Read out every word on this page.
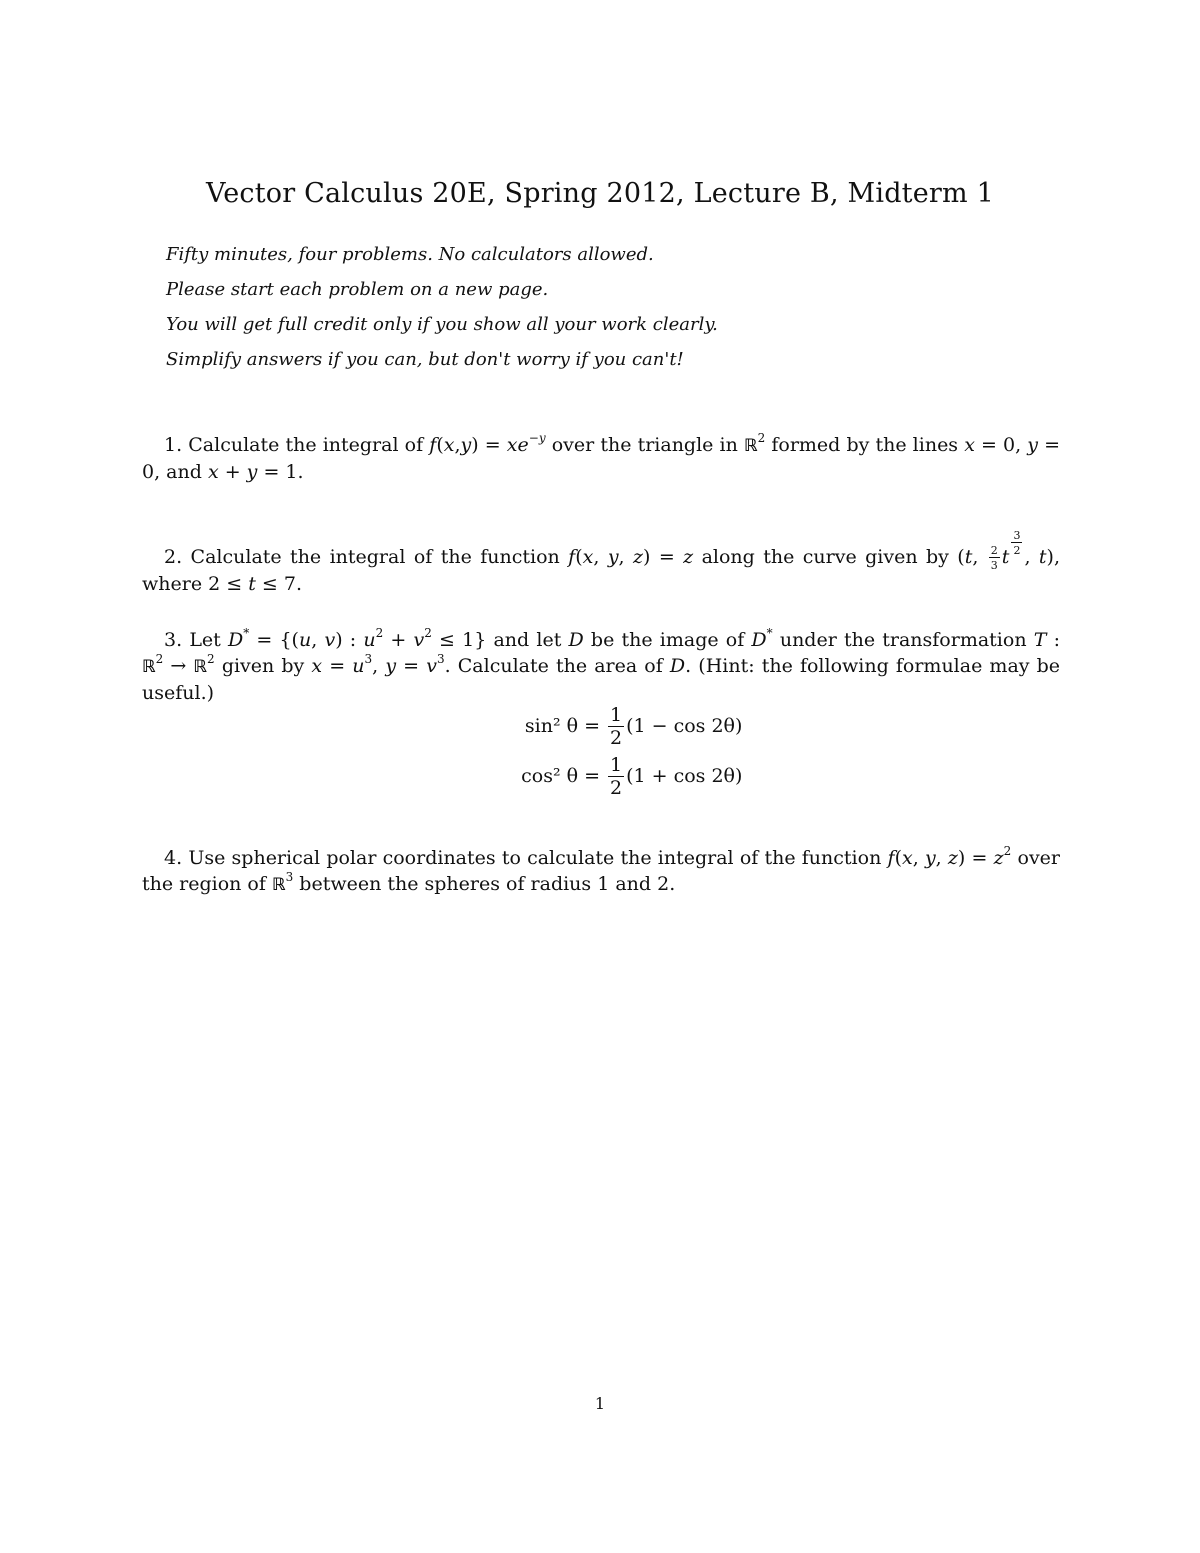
Vector Calculus 20E, Spring 2012, Lecture B, Midterm 1
Fifty minutes, four problems. No calculators allowed.
Please start each problem on a new page.
You will get full credit only if you show all your work clearly.
Simplify answers if you can, but don't worry if you can't!
1. Calculate the integral of $f(x,y) = xe^{-y}$ over the triangle in ℝ$^2$ formed by the lines x = 0, y = 0, and x + y = 1.
2. Calculate the integral of the function f(x, y, z) = z along the curve given by (t, $\frac{2}{3}$ t
$^{\frac{3}{2}}$
, t), where 2 ≤ t ≤ 7.
3. Let D* = {(u, v) : $u^2 + v^2 \le 1$} and let D be the image of D* under the transformation T : ℝ$^2$ → ℝ$^2$ given by $x = u^3$, $y = v^3$. Calculate the area of D. (Hint: the following formulae may be useful.)
sin² $\theta = \frac{1}{2} (1 - \cos 2\theta)$
cos² $\theta = \frac{1}{2} (1 + \cos 2\theta)$
4. Use spherical polar coordinates to calculate the integral of the function f(x, y, $z) = z^2$ over the region of ℝ$^3$ between the spheres of radius 1 and 2.
1
